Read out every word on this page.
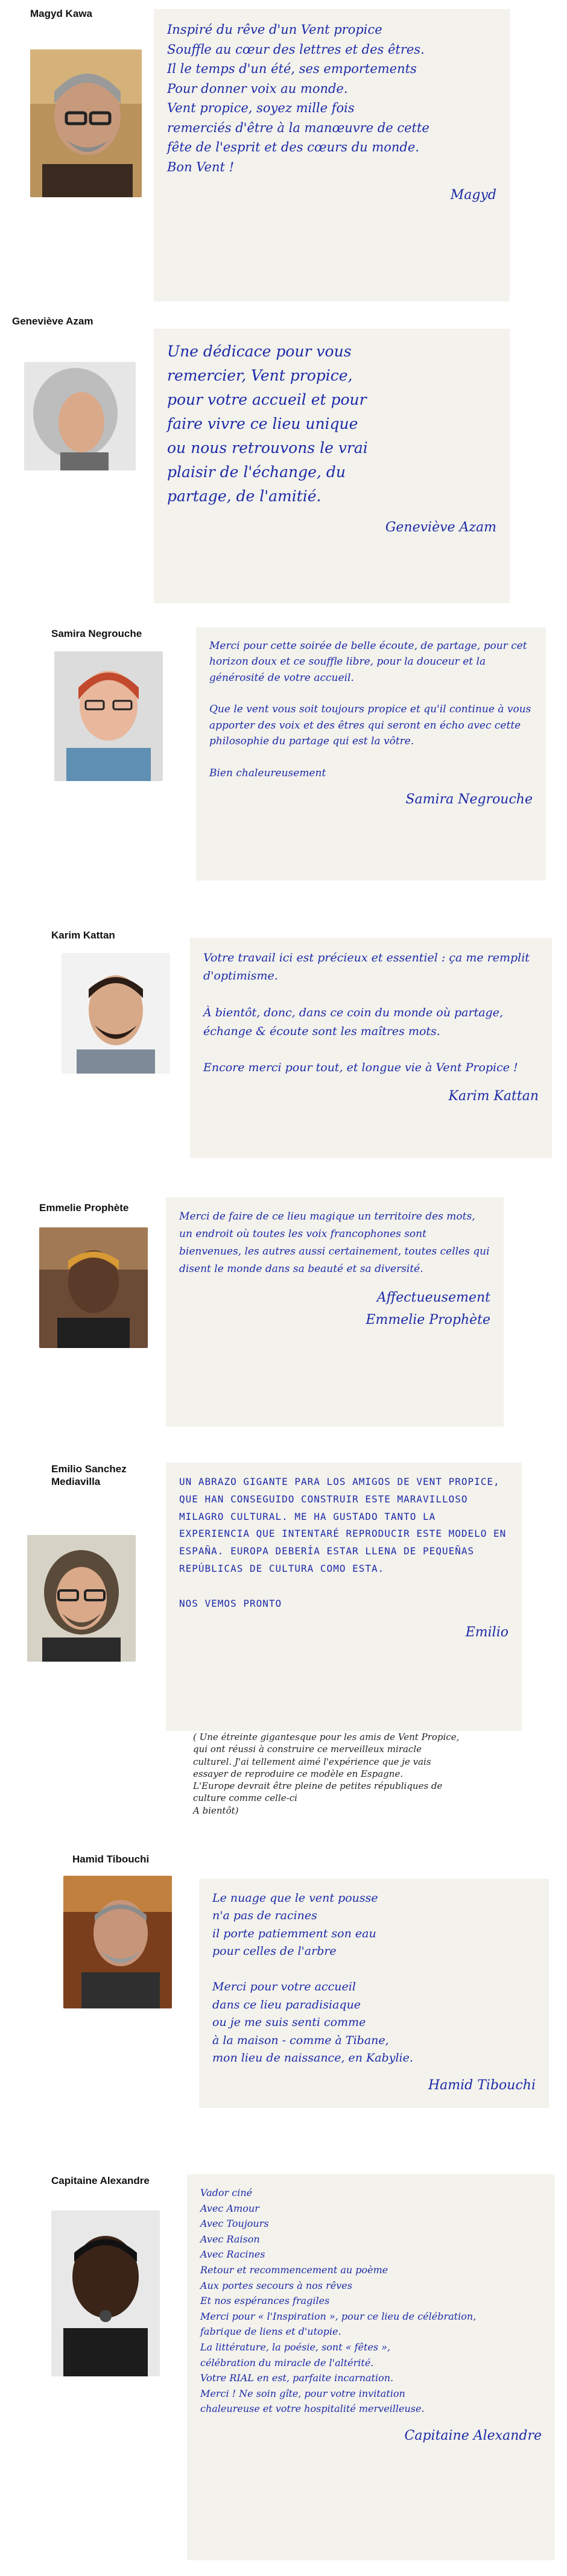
Magyd Kawa

Inspiré du rêve d'un Vent propice
Souffle au cœur des lettres et des êtres.
Il le temps d'un été, ses emportements
Pour donner voix au monde.
Vent propice, soyez mille fois
remerciés d'être à la manœuvre de cette
fête de l'esprit et des cœurs du monde.
Bon Vent !

Magyd

Geneviève Azam

Une dédicace pour vous
remercier, Vent propice,
pour votre accueil et pour
faire vivre ce lieu unique
ou nous retrouvons le vrai
plaisir de l'échange, du
partage, de l'amitié.

Geneviève Azam

Samira Negrouche

Merci pour cette soirée de belle écoute, de partage, pour cet horizon doux et ce souffle libre, pour la douceur et la générosité de votre accueil.

Que le vent vous soit toujours propice et qu'il continue à vous apporter des voix et des êtres qui seront en écho avec cette philosophie du partage qui est la vôtre.

Bien chaleureusement

Samira Negrouche

Karim Kattan

Votre travail ici est précieux et essentiel : ça me remplit d'optimisme.

À bientôt, donc, dans ce coin du monde où partage, échange & écoute sont les maîtres mots.

Encore merci pour tout, et longue vie à Vent Propice !

Karim Kattan

Emmelie Prophète

Merci de faire de ce lieu magique un territoire des mots, un endroit où toutes les voix francophones sont bienvenues, les autres aussi certainement, toutes celles qui disent le monde dans sa beauté et sa diversité.

Affectueusement
Emmelie Prophète

Emilio Sanchez Mediavilla	UN ABRAZO GIGANTE PARA LOS AMIGOS DE VENT PROPICE, QUE HAN CONSEGUIDO CONSTRUIR ESTE MARAVILLOSO MILAGRO CULTURAL. ME HA GUSTADO TANTO LA EXPERIENCIA QUE INTENTARÉ REPRODUCIR ESTE MODELO EN ESPAÑA. EUROPA DEBERÍA ESTAR LLENA DE PEQUEÑAS REPÚBLICAS DE CULTURA COMO ESTA.

NOS VEMOS PRONTO

Emilio

( Une étreinte gigantesque pour les amis de Vent Propice,
qui ont réussi à construire ce merveilleux miracle
culturel. J'ai tellement aimé l'expérience que je vais
essayer de reproduire ce modèle en Espagne.
L'Europe devrait être pleine de petites républiques de
culture comme celle-ci
A bientôt)
Hamid Tibouchi

Le nuage que le vent pousse
n'a pas de racines
il porte patiemment son eau
pour celles de l'arbre

Merci pour votre accueil
dans ce lieu paradisiaque
ou je me suis senti comme
à la maison - comme à Tibane,
mon lieu de naissance, en Kabylie.

Hamid Tibouchi

Capitaine Alexandre

Vador ciné
Avec Amour
Avec Toujours
Avec Raison
Avec Racines
Retour et recommencement au poème
Aux portes secours à nos rêves
Et nos espérances fragiles
Merci pour « l'Inspiration », pour ce lieu de célébration,
fabrique de liens et d'utopie.
La littérature, la poésie, sont « fêtes »,
célébration du miracle de l'altérité.
Votre RIAL en est, parfaite incarnation.
Merci ! Ne soin gîte, pour votre invitation
chaleureuse et votre hospitalité merveilleuse.

Capitaine Alexandre
